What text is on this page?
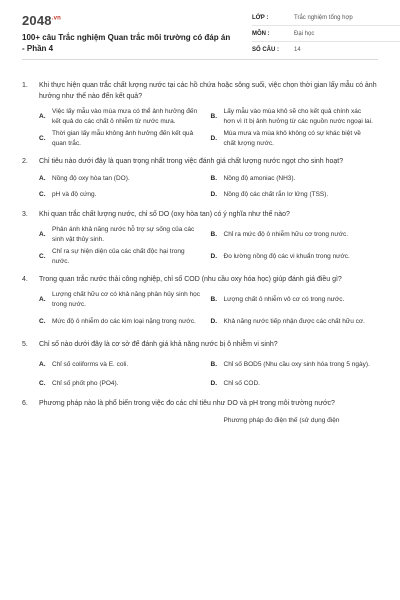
$2048^{.vn}$
100+ câu Trắc nghiệm Quan trắc môi trường có đáp án - Phần 4
LỚP :	Trắc nghiệm tổng hợp
MÔN :	Đại học
SỐ CÂU :	14
1.	Khi thực hiện quan trắc chất lượng nước tại các hồ chứa hoặc sông suối, việc chọn thời gian lấy mẫu có ảnh hưởng như thế nào đến kết quả?
A.
Việc lấy mẫu vào mùa mưa có thể ảnh hưởng đến kết quả do các chất ô nhiễm từ nước mưa.
B.
Lấy mẫu vào mùa khô sẽ cho kết quả chính xác hơn vì ít bị ảnh hưởng từ các nguồn nước ngoại lai.
C.
Thời gian lấy mẫu không ảnh hưởng đến kết quả quan trắc.
D.
Mùa mưa và mùa khô không có sự khác biệt về chất lượng nước.
2.	Chỉ tiêu nào dưới đây là quan trọng nhất trong việc đánh giá chất lượng nước ngọt cho sinh hoạt?
A.	Nồng độ oxy hòa tan (DO).	B.	Nồng độ amoniac (NH3).
C.	pH và độ cứng.	D.	Nồng độ các chất rắn lơ lửng (TSS).
3.	Khi quan trắc chất lượng nước, chỉ số DO (oxy hòa tan) có ý nghĩa như thế nào?
A.
Phản ánh khả năng nước hỗ trợ sự sống của các sinh vật thủy sinh.
B.	Chỉ ra mức độ ô nhiễm hữu cơ trong nước.
C.
Chỉ ra sự hiện diện của các chất độc hại trong nước.
D.	Đo lường nồng độ các vi khuẩn trong nước.
4.	Trong quan trắc nước thải công nghiệp, chỉ số COD (nhu cầu oxy hóa học) giúp đánh giá điều gì?
A.
Lượng chất hữu cơ có khả năng phân hủy sinh học trong nước.
B.	Lượng chất ô nhiễm vô cơ có trong nước.
C.	Mức độ ô nhiễm do các kim loại nặng trong nước.	D.	Khả năng nước tiếp nhận được các chất hữu cơ.
5.	Chỉ số nào dưới đây là cơ sở để đánh giá khả năng nước bị ô nhiễm vi sinh?
A.	Chỉ số coliforms và E. coli.	B.	Chỉ số BOD5 (Nhu cầu oxy sinh hóa trong 5 ngày).
C.	Chỉ số phốt pho (PO4).	D.	Chỉ số COD.
6.	Phương pháp nào là phổ biến trong việc đo các chỉ tiêu như DO và pH trong môi trường nước?
Phương pháp đo điện thế (sử dụng điện
